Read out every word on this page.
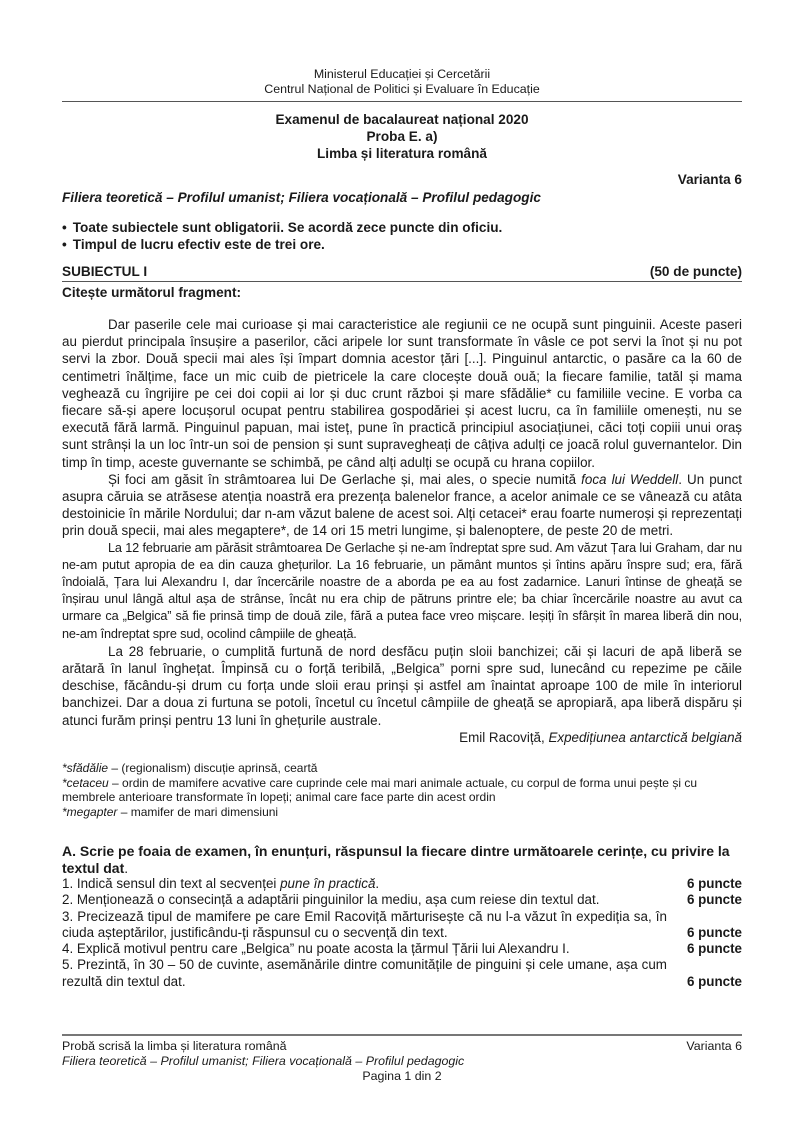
Ministerul Educației și Cercetării
Centrul Național de Politici și Evaluare în Educație
Examenul de bacalaureat național 2020
Proba E. a)
Limba și literatura română
Varianta 6
Filiera teoretică – Profilul umanist; Filiera vocațională – Profilul pedagogic
• Toate subiectele sunt obligatorii. Se acordă zece puncte din oficiu.
• Timpul de lucru efectiv este de trei ore.
SUBIECTUL I	(50 de puncte)
Citește următorul fragment:

Dar paserile cele mai curioase și mai caracteristice ale regiunii ce ne ocupă sunt pinguinii. Aceste paseri au pierdut principala însușire a paserilor, căci aripele lor sunt transformate în vâsle ce pot servi la înot și nu pot servi la zbor. Două specii mai ales își împart domnia acestor țări [...]. Pinguinul antarctic, o pasăre ca la 60 de centimetri înălțime, face un mic cuib de pietricele la care clocește două ouă; la fiecare familie, tatăl și mama veghează cu îngrijire pe cei doi copii ai lor și duc crunt război și mare sfădălie* cu familiile vecine. E vorba ca fiecare să-și apere locușorul ocupat pentru stabilirea gospodăriei și acest lucru, ca în familiile omenești, nu se execută fără larmă. Pinguinul papuan, mai isteț, pune în practică principiul asociațiunei, căci toți copiii unui oraș sunt strânși la un loc într-un soi de pension și sunt supravegheați de câțiva adulți ce joacă rolul guvernantelor. Din timp în timp, aceste guvernante se schimbă, pe când alți adulți se ocupă cu hrana copiilor.

Și foci am găsit în strâmtoarea lui De Gerlache și, mai ales, o specie numită foca lui Weddell. Un punct asupra căruia se atrăsese atenția noastră era prezența balenelor france, a acelor animale ce se vânează cu atâta destoinicie în mările Nordului; dar n-am văzut balene de acest soi. Alți cetacei* erau foarte numeroși și reprezentați prin două specii, mai ales megaptere*, de 14 ori 15 metri lungime, și balenoptere, de peste 20 de metri.

La 12 februarie am părăsit strâmtoarea De Gerlache și ne-am îndreptat spre sud. Am văzut Țara lui Graham, dar nu ne-am putut apropia de ea din cauza ghețurilor. La 16 februarie, un pământ muntos și întins apăru înspre sud; era, fără îndoială, Țara lui Alexandru I, dar încercările noastre de a aborda pe ea au fost zadarnice. Lanuri întinse de gheață se înșirau unul lângă altul așa de strânse, încât nu era chip de pătruns printre ele; ba chiar încercările noastre au avut ca urmare ca „Belgica” să fie prinsă timp de două zile, fără a putea face vreo mișcare. Ieșiți în sfârșit în marea liberă din nou, ne-am îndreptat spre sud, ocolind câmpiile de gheață.

La 28 februarie, o cumplită furtună de nord desfăcu puțin sloii banchizei; căi și lacuri de apă liberă se arătară în lanul înghețat. Împinsă cu o forță teribilă, „Belgica” porni spre sud, lunecând cu repezime pe căile deschise, făcându-și drum cu forța unde sloii erau prinși și astfel am înaintat aproape 100 de mile în interiorul banchizei. Dar a doua zi furtuna se potoli, încetul cu încetul câmpiile de gheață se apropiară, apa liberă dispăru și atunci furăm prinși pentru 13 luni în ghețurile australe.

Emil Racoviță, Expedițiunea antarctică belgiană
*sfădălie – (regionalism) discuție aprinsă, ceartă
*cetaceu – ordin de mamifere acvative care cuprinde cele mai mari animale actuale, cu corpul de forma unui pește și cu membrele anterioare transformate în lopeți; animal care face parte din acest ordin
*megapter – mamifer de mari dimensiuni
A. Scrie pe foaia de examen, în enunțuri, răspunsul la fiecare dintre următoarele cerințe, cu privire la textul dat.
1. Indică sensul din text al secvenței pune în practică.	6 puncte
2. Menționează o consecință a adaptării pinguinilor la mediu, așa cum reiese din textul dat.	6 puncte
3. Precizează tipul de mamifere pe care Emil Racoviță mărturisește că nu l-a văzut în expediția sa, în ciuda așteptărilor, justificându-ți răspunsul cu o secvență din text.	6 puncte
4. Explică motivul pentru care „Belgica” nu poate acosta la țărmul Țării lui Alexandru I.	6 puncte
5. Prezintă, în 30 – 50 de cuvinte, asemănările dintre comunitățile de pinguini și cele umane, așa cum rezultă din textul dat.	6 puncte
Probă scrisă la limba și literatura română	Varianta 6
Filiera teoretică – Profilul umanist; Filiera vocațională – Profilul pedagogic
Pagina 1 din 2
